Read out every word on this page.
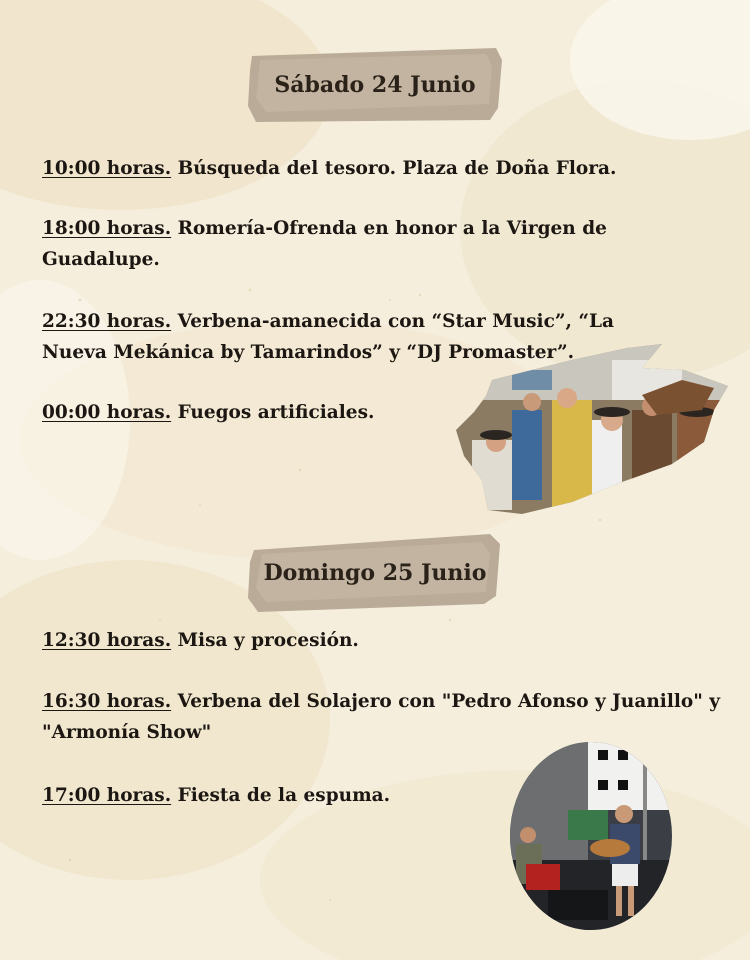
Sábado 24 Junio

10:00 horas. Búsqueda del tesoro. Plaza de Doña Flora.

18:00 horas. Romería-Ofrenda en honor a la Virgen de Guadalupe.

22:30 horas. Verbena-amanecida con “Star Music”, “La Nueva Mekánica by Tamarindos” y “DJ Promaster”.

00:00 horas. Fuegos artificiales.

Domingo 25 Junio

12:30 horas. Misa y procesión.

16:30 horas. Verbena del Solajero con "Pedro Afonso y Juanillo" y "Armonía Show"

17:00 horas. Fiesta de la espuma.
